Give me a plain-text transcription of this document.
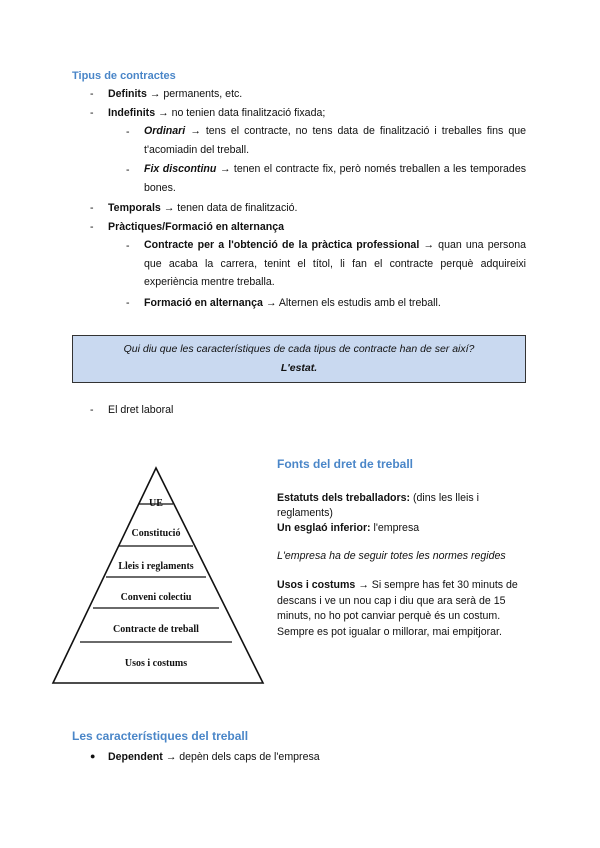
Tipus de contractes
- Definits → permanents, etc.
- Indefinits → no tenien data finalització fixada;
- Ordinari → tens el contracte, no tens data de finalització i treballes fins que t'acomiadin del treball.
- Fix discontinu → tenen el contracte fix, però només treballen a les temporades bones.
- Temporals → tenen data de finalització.
- Pràctiques/Formació en alternança
- Contracte per a l'obtenció de la pràctica professional → quan una persona que acaba la carrera, tenint el títol, li fan el contracte perquè adquireixi experiència mentre treballa.
- Formació en alternança → Alternen els estudis amb el treball.
Qui diu que les característiques de cada tipus de contracte han de ser així?
L'estat.
- El dret laboral
UE
Constitució
Lleis i reglaments
Conveni colectiu
Contracte de treball
Usos i costums
Fonts del dret de treball
Estatuts dels treballadors: (dins les lleis i reglaments)
Un esglaó inferior: l'empresa
L'empresa ha de seguir totes les normes regides
Usos i costums → Si sempre has fet 30 minuts de descans i ve un nou cap i diu que ara serà de 15 minuts, no ho pot canviar perquè és un costum. Sempre es pot igualar o millorar, mai empitjorar.
Les característiques del treball
● Dependent → depèn dels caps de l'empresa
